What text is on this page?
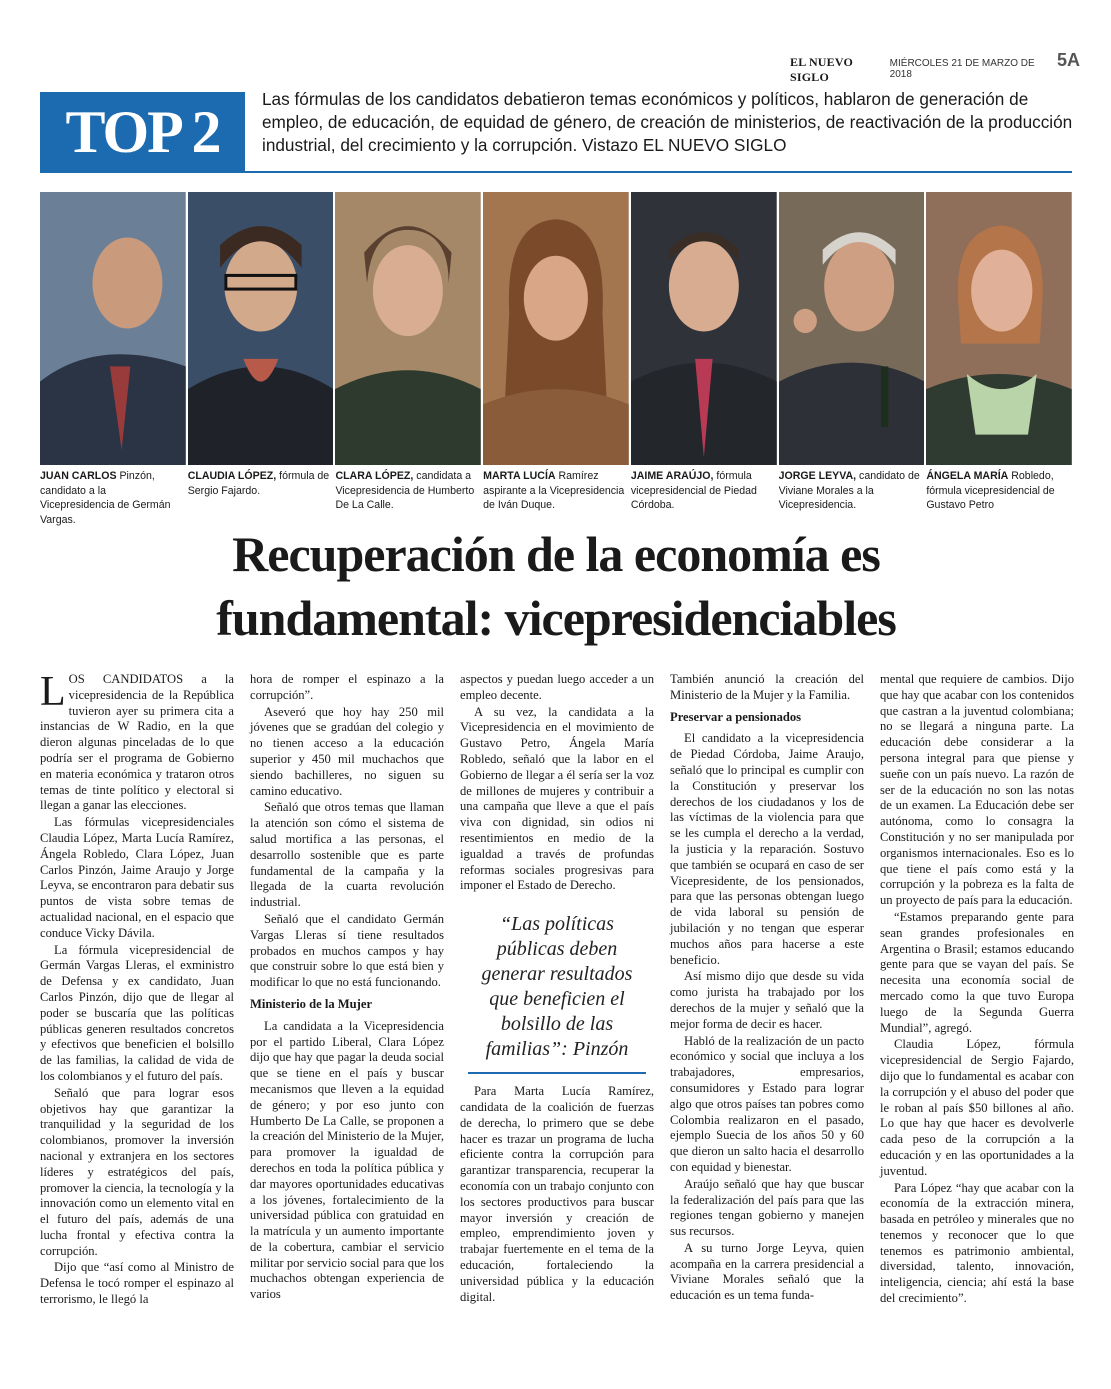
EL NUEVO SIGLO
MIÉRCOLES 21 DE MARZO DE 2018
5A
TOP 2 Las fórmulas de los candidatos debatieron temas económicos y políticos, hablaron de generación de empleo, de educación, de equidad de género, de creación de ministerios, de reactivación de la producción industrial, del crecimiento y la corrupción. Vistazo EL NUEVO SIGLO
JUAN CARLOS Pinzón, candidato a la Vicepresidencia de Germán Vargas.
CLAUDIA LÓPEZ, fórmula de Sergio Fajardo.
CLARA LÓPEZ, candidata a Vicepresidencia de Humberto De La Calle.
MARTA LUCÍA Ramírez aspirante a la Vicepresidencia de Iván Duque.
JAIME ARAÚJO, fórmula vicepresidencial de Piedad Córdoba.
JORGE LEYVA, candidato de Viviane Morales a la Vicepresidencia.
ÁNGELA MARÍA Robledo, fórmula vicepresidencial de Gustavo Petro
Recuperación de la economía es
fundamental: vicepresidenciables

LOS CANDIDATOS a la vicepresidencia de la República tuvieron ayer su primera cita a instancias de W Radio, en la que dieron algunas pinceladas de lo que podría ser el programa de Gobierno en materia económica y trataron otros temas de tinte político y electoral si llegan a ganar las elecciones.

Las fórmulas vicepresidenciales Claudia López, Marta Lucía Ramírez, Ángela Robledo, Clara López, Juan Carlos Pinzón, Jaime Araujo y Jorge Leyva, se encontraron para debatir sus puntos de vista sobre temas de actualidad nacional, en el espacio que conduce Vicky Dávila.

La fórmula vicepresidencial de Germán Vargas Lleras, el exministro de Defensa y ex candidato, Juan Carlos Pinzón, dijo que de llegar al poder se buscaría que las políticas públicas generen resultados concretos y efectivos que beneficien el bolsillo de las familias, la calidad de vida de los colombianos y el futuro del país.

Señaló que para lograr esos objetivos hay que garantizar la tranquilidad y la seguridad de los colombianos, promover la inversión nacional y extranjera en los sectores líderes y estratégicos del país, promover la ciencia, la tecnología y la innovación como un elemento vital en el futuro del país, además de una lucha frontal y efectiva contra la corrupción.

Dijo que “así como al Ministro de Defensa le tocó romper el espinazo al terrorismo, le llegó la

hora de romper el espinazo a la corrupción”.

Aseveró que hoy hay 250 mil jóvenes que se gradúan del colegio y no tienen acceso a la educación superior y 450 mil muchachos que siendo bachilleres, no siguen su camino educativo.

Señaló que otros temas que llaman la atención son cómo el sistema de salud mortifica a las personas, el desarrollo sostenible que es parte fundamental de la campaña y la llegada de la cuarta revolución industrial.

Señaló que el candidato Germán Vargas Lleras sí tiene resultados probados en muchos campos y hay que construir sobre lo que está bien y modificar lo que no está funcionando.

Ministerio de la Mujer

La candidata a la Vicepresidencia por el partido Liberal, Clara López dijo que hay que pagar la deuda social que se tiene en el país y buscar mecanismos que lleven a la equidad de género; y por eso junto con Humberto De La Calle, se proponen a la creación del Ministerio de la Mujer, para promover la igualdad de derechos en toda la política pública y dar mayores oportunidades educativas a los jóvenes, fortalecimiento de la universidad pública con gratuidad en la matrícula y un aumento importante de la cobertura, cambiar el servicio militar por servicio social para que los muchachos obtengan experiencia de varios

aspectos y puedan luego acceder a un empleo decente.

A su vez, la candidata a la Vicepresidencia en el movimiento de Gustavo Petro, Ángela María Robledo, señaló que la labor en el Gobierno de llegar a él sería ser la voz de millones de mujeres y contribuir a una campaña que lleve a que el país viva con dignidad, sin odios ni resentimientos en medio de la igualdad a través de profundas reformas sociales progresivas para imponer el Estado de Derecho.

“Las políticas públicas deben generar resultados que beneficien el bolsillo de las familias”: Pinzón

Para Marta Lucía Ramírez, candidata de la coalición de fuerzas de derecha, lo primero que se debe hacer es trazar un programa de lucha eficiente contra la corrupción para garantizar transparencia, recuperar la economía con un trabajo conjunto con los sectores productivos para buscar mayor inversión y creación de empleo, emprendimiento joven y trabajar fuertemente en el tema de la educación, fortaleciendo la universidad pública y la educación digital.

También anunció la creación del Ministerio de la Mujer y la Familia.

Preservar a pensionados

El candidato a la vicepresidencia de Piedad Córdoba, Jaime Araujo, señaló que lo principal es cumplir con la Constitución y preservar los derechos de los ciudadanos y los de las víctimas de la violencia para que se les cumpla el derecho a la verdad, la justicia y la reparación. Sostuvo que también se ocupará en caso de ser Vicepresidente, de los pensionados, para que las personas obtengan luego de vida laboral su pensión de jubilación y no tengan que esperar muchos años para hacerse a este beneficio.

Así mismo dijo que desde su vida como jurista ha trabajado por los derechos de la mujer y señaló que la mejor forma de decir es hacer.

Habló de la realización de un pacto económico y social que incluya a los trabajadores, empresarios, consumidores y Estado para lograr algo que otros países tan pobres como Colombia realizaron en el pasado, ejemplo Suecia de los años 50 y 60 que dieron un salto hacia el desarrollo con equidad y bienestar.

Araújo señaló que hay que buscar la federalización del país para que las regiones tengan gobierno y manejen sus recursos.

A su turno Jorge Leyva, quien acompaña en la carrera presidencial a Viviane Morales señaló que la educación es un tema funda-

mental que requiere de cambios. Dijo que hay que acabar con los contenidos que castran a la juventud colombiana; no se llegará a ninguna parte. La educación debe considerar a la persona integral para que piense y sueñe con un país nuevo. La razón de ser de la educación no son las notas de un examen. La Educación debe ser autónoma, como lo consagra la Constitución y no ser manipulada por organismos internacionales. Eso es lo que tiene el país como está y la corrupción y la pobreza es la falta de un proyecto de país para la educación.

“Estamos preparando gente para sean grandes profesionales en Argentina o Brasil; estamos educando gente para que se vayan del país. Se necesita una economía social de mercado como la que tuvo Europa luego de la Segunda Guerra Mundial”, agregó.

Claudia López, fórmula vicepresidencial de Sergio Fajardo, dijo que lo fundamental es acabar con la corrupción y el abuso del poder que le roban al país $50 billones al año. Lo que hay que hacer es devolverle cada peso de la corrupción a la educación y en las oportunidades a la juventud.

Para López “hay que acabar con la economía de la extracción minera, basada en petróleo y minerales que no tenemos y reconocer que lo que tenemos es patrimonio ambiental, diversidad, talento, innovación, inteligencia, ciencia; ahí está la base del crecimiento”.
